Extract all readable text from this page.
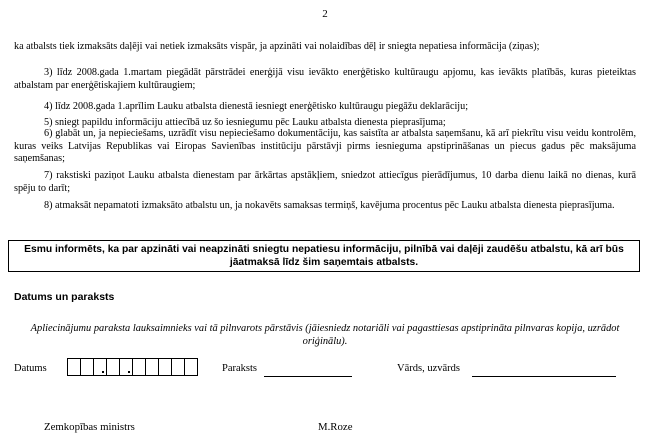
2
ka atbalsts tiek izmaksāts daļēji vai netiek izmaksāts vispār, ja apzināti vai nolaidības dēļ ir sniegta nepatiesa informācija (ziņas);
3) līdz 2008.gada 1.martam piegādāt pārstrādei enerģijā visu ievākto enerģētisko kultūraugu apjomu, kas ievākts platībās, kuras pieteiktas atbalstam par enerģētiskajiem kultūraugiem;
4) līdz 2008.gada 1.aprīlim Lauku atbalsta dienestā iesniegt enerģētisko kultūraugu piegāžu deklarāciju;
5) sniegt papildu informāciju attiecībā uz šo iesniegumu pēc Lauku atbalsta dienesta pieprasījuma;
6) glabāt un, ja nepieciešams, uzrādīt visu nepieciešamo dokumentāciju, kas saistīta ar atbalsta saņemšanu, kā arī piekrītu visu veidu kontrolēm, kuras veiks Latvijas Republikas vai Eiropas Savienības institūciju pārstāvji pirms iesnieguma apstiprināšanas un piecus gadus pēc maksājuma saņemšanas;
7) rakstiski paziņot Lauku atbalsta dienestam par ārkārtas apstākļiem, sniedzot attiecīgus pierādījumus, 10 darba dienu laikā no dienas, kurā spēju to darīt;
8) atmaksāt nepamatoti izmaksāto atbalstu un, ja nokavēts samaksas termiņš, kavējuma procentus pēc Lauku atbalsta dienesta pieprasījuma.
Esmu informēts, ka par apzināti vai neapzināti sniegtu nepatiesu informāciju, pilnībā vai daļēji zaudēšu atbalstu, kā arī būs jāatmaksā līdz šim saņemtais atbalsts.
Datums un paraksts
Apliecinājumu paraksta lauksaimnieks vai tā pilnvarots pārstāvis (jāiesniedz notariāli vai pagasttiesas apstiprināta pilnvaras kopija, uzrādot oriģinālu).
Datums	Paraksts	Vārds, uzvārds
Zemkopības ministrs	M.Roze
